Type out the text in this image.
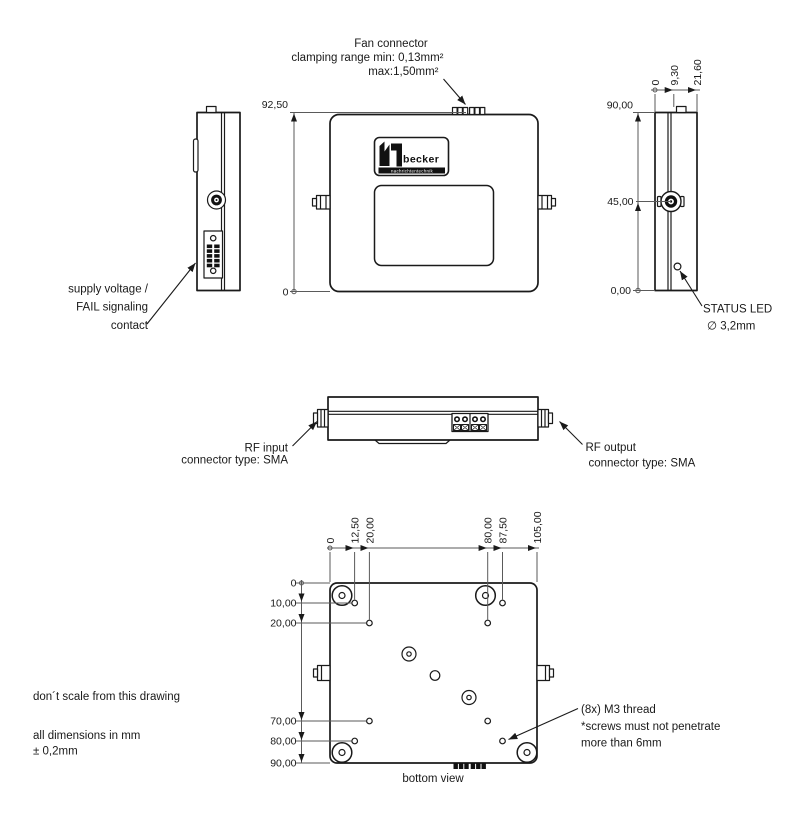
supply voltage /
FAIL signaling
contact
becker
nachrichtentechnik
92,50
0
Fan connector
clamping range min: 0,13mm²
max:1,50mm²
0 9,30 21,60
90,00
45,00
0,00
STATUS LED
∅ 3,2mm
RF input
connector type: SMA
RF output
connector type: SMA
0 12,50 20,00	80,00 87,50 105,00
0
10,00
20,00
70,00
80,00
90,00
bottom view
(8x) M3 thread
*screws must not penetrate
more than 6mm
don´t scale from this drawing
all dimensions in mm
± 0,2mm
